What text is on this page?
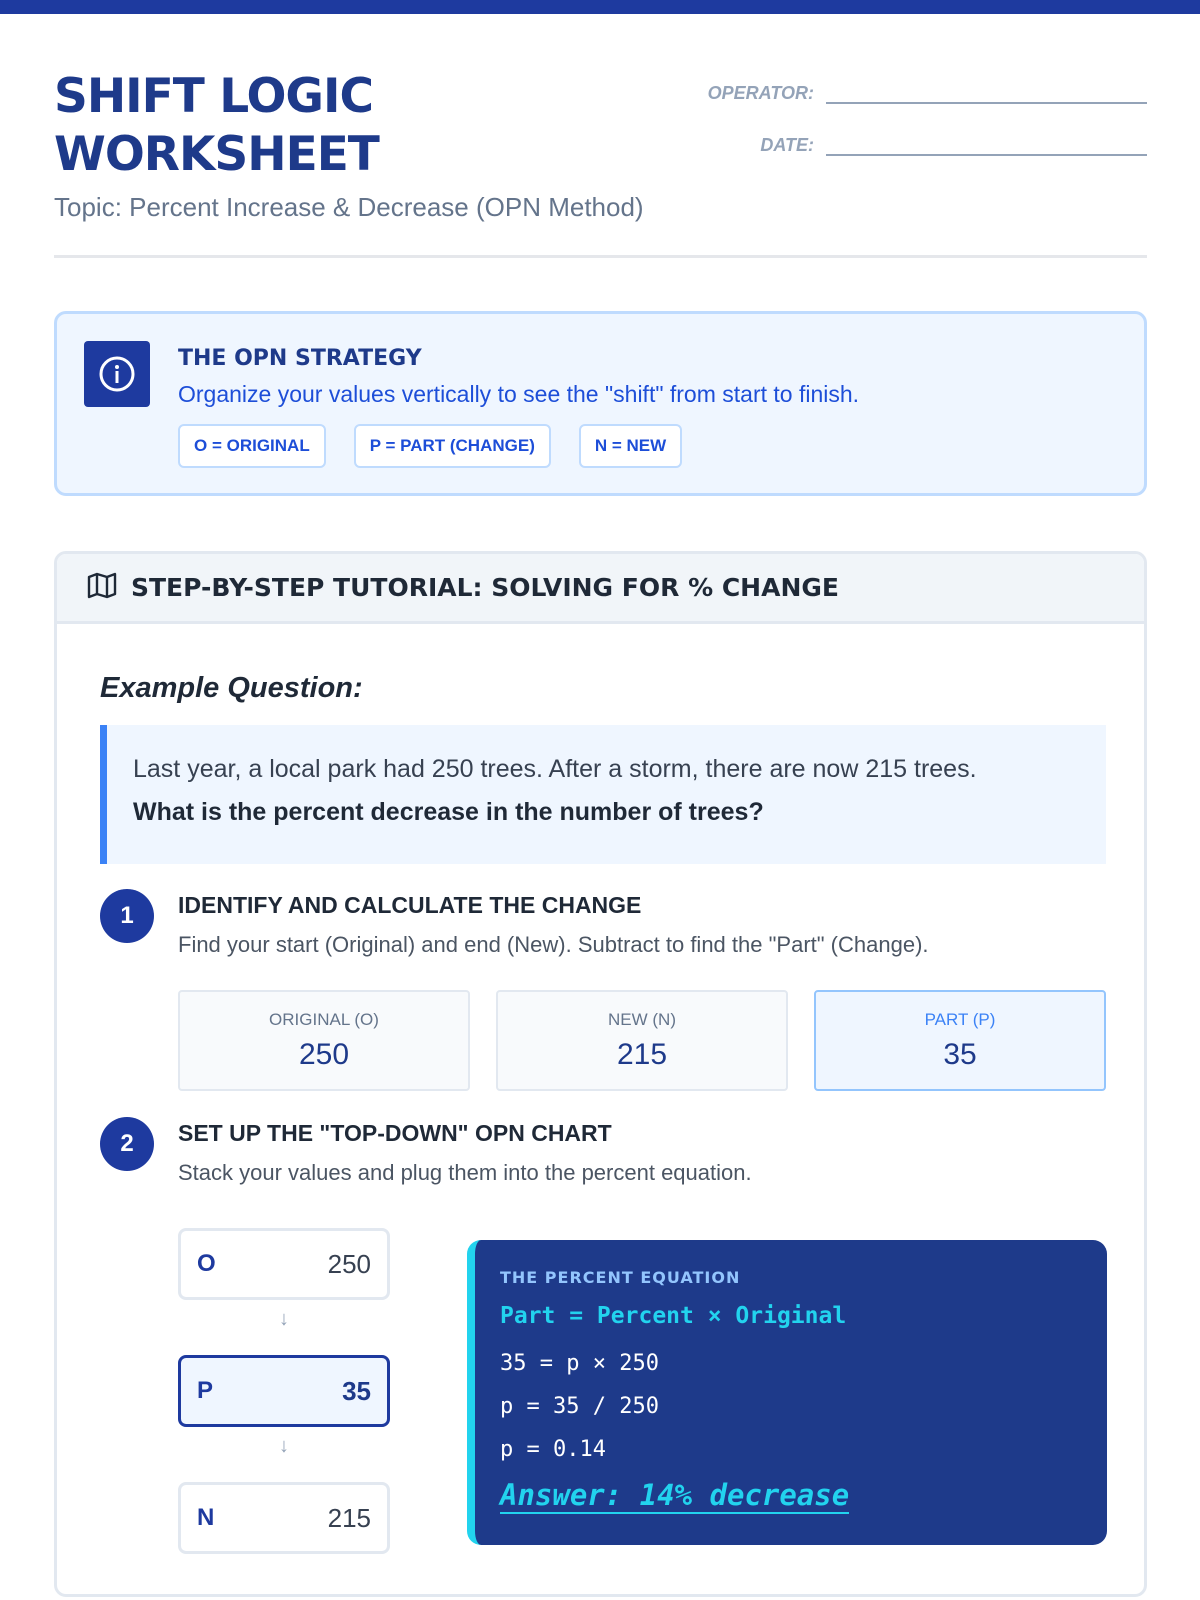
SHIFT LOGIC WORKSHEET
Topic: Percent Increase & Decrease (OPN Method)
OPERATOR:
DATE:
THE OPN STRATEGY
Organize your values vertically to see the "shift" from start to finish.
O = ORIGINAL	P = PART (CHANGE)	N = NEW
STEP-BY-STEP TUTORIAL: SOLVING FOR % CHANGE
Example Question:
Last year, a local park had 250 trees. After a storm, there are now 215 trees.
What is the percent decrease in the number of trees?
1	IDENTIFY AND CALCULATE THE CHANGE
Find your start (Original) and end (New). Subtract to find the "Part" (Change).
ORIGINAL (O)
250
NEW (N)
215
PART (P)
35
2	SET UP THE "TOP-DOWN" OPN CHART
Stack your values and plug them into the percent equation.
O	250
↓
P	35
↓
N	215
THE PERCENT EQUATION
Part = Percent × Original
35 = p × 250
p = 35 / 250
p = 0.14
Answer: 14% decrease
